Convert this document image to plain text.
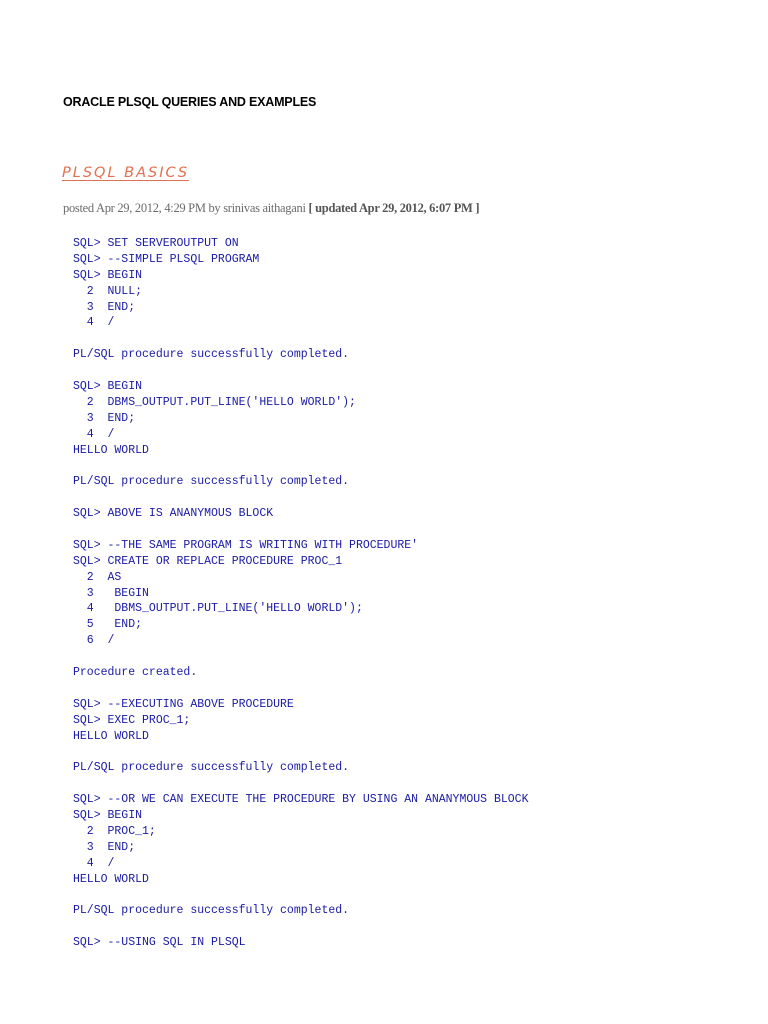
ORACLE PLSQL QUERIES AND EXAMPLES
PLSQL BASICS
posted Apr 29, 2012, 4:29 PM by srinivas aithagani [ updated Apr 29, 2012, 6:07 PM ]
SQL> SET SERVEROUTPUT ON
SQL> --SIMPLE PLSQL PROGRAM
SQL> BEGIN
2  NULL;
3  END;
4  /
PL/SQL procedure successfully completed.
SQL> BEGIN
2  DBMS_OUTPUT.PUT_LINE('HELLO WORLD');
3  END;
4  /
HELLO WORLD
PL/SQL procedure successfully completed.
SQL> ABOVE IS ANANYMOUS BLOCK
SQL> --THE SAME PROGRAM IS WRITING WITH PROCEDURE'
SQL> CREATE OR REPLACE PROCEDURE PROC_1
2  AS
3   BEGIN
4   DBMS_OUTPUT.PUT_LINE('HELLO WORLD');
5   END;
6  /
Procedure created.
SQL> --EXECUTING ABOVE PROCEDURE
SQL> EXEC PROC_1;
HELLO WORLD
PL/SQL procedure successfully completed.
SQL> --OR WE CAN EXECUTE THE PROCEDURE BY USING AN ANANYMOUS BLOCK
SQL> BEGIN
2  PROC_1;
3  END;
4  /
HELLO WORLD
PL/SQL procedure successfully completed.
SQL> --USING SQL IN PLSQL
